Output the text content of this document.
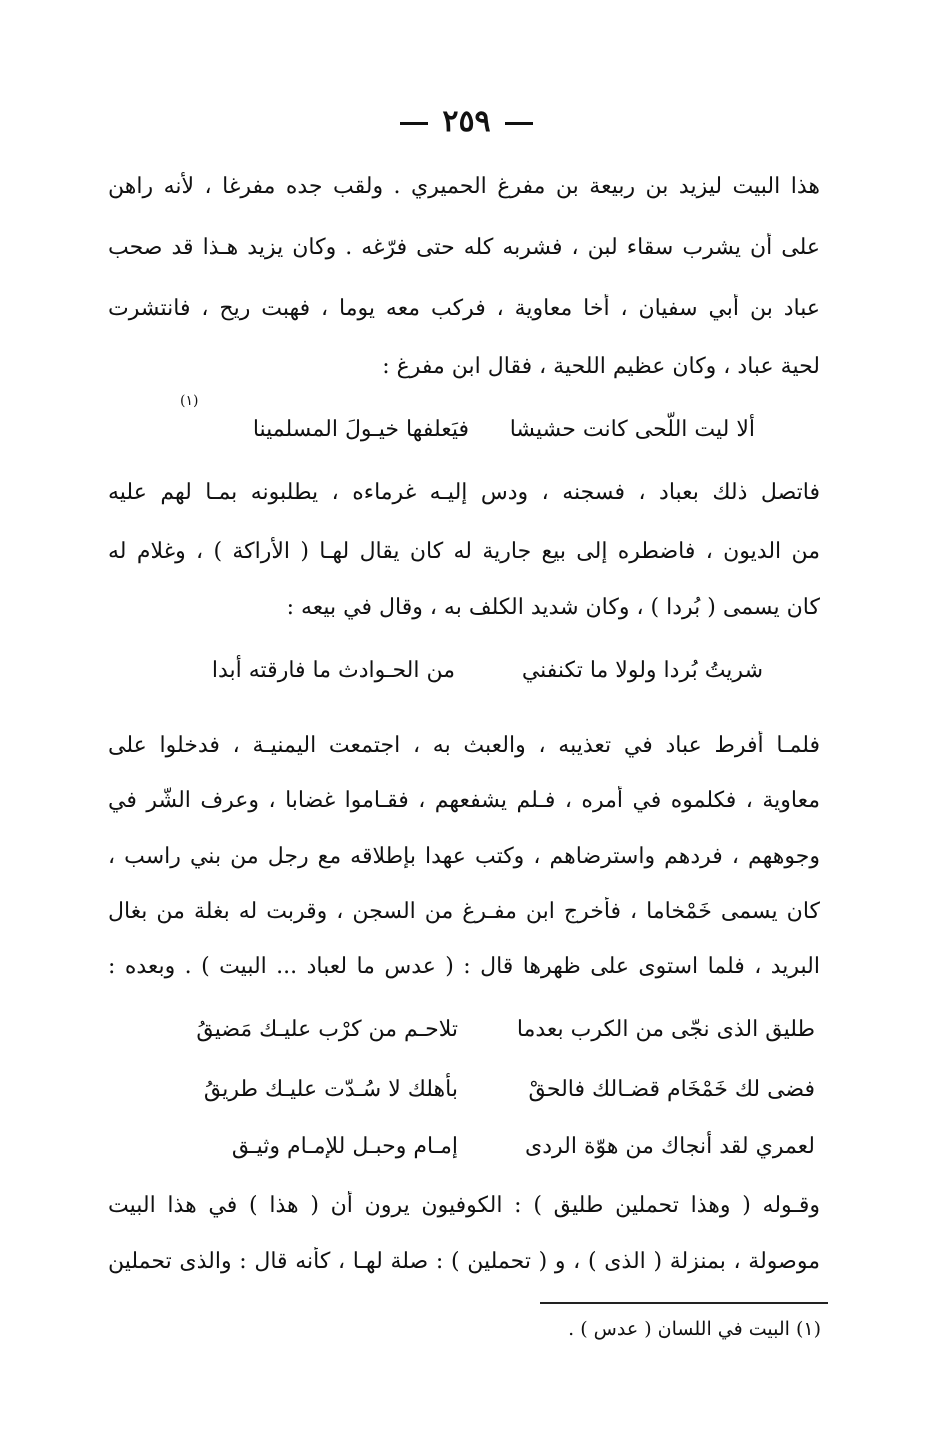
٢٥٩
هذا البيت ليزيد بن ربيعة بن مفرغ الحميري . ولقب جده مفرغا ، لأنه راهن
على أن يشرب سقاء لبن ، فشربه كله حتى فرّغه . وكان يزيد هـذا قد صحب
عباد بن أبي سفيان ، أخا معاوية ، فركب معه يوما ، فهبت ريح ، فانتشرت
لحية عباد ، وكان عظيم اللحية ، فقال ابن مفرغ :
(١)
ألا ليت اللّحى كانت حشيشا
فيَعلفها خيـولَ المسلمينا
فاتصل ذلك بعباد ، فسجنه ، ودس إليـه غرماءه ، يطلبونه بمـا لهم عليه
من الديون ، فاضطره إلى بيع جارية له كان يقال لهـا ( الأراكة ) ، وغلام له
كان يسمى ( بُردا ) ، وكان شديد الكلف به ، وقال في بيعه :
شريتُ بُردا ولولا ما تكنفني
من الحـوادث ما فارقته أبدا
فلمـا أفرط عباد في تعذيبه ، والعبث به ، اجتمعت اليمنيـة ، فدخلوا على
معاوية ، فكلموه في أمره ، فـلم يشفعهم ، فقـاموا غضابا ، وعرف الشّر في
وجوههم ، فردهم واسترضاهم ، وكتب عهدا بإطلاقه مع رجل من بني راسب ،
كان يسمى خَمْخاما ، فأخرج ابن مفـرغ من السجن ، وقربت له بغلة من بغال
البريد ، فلما استوى على ظهرها قال : ( عدس ما لعباد ... البيت ) . وبعده :
طليق الذى نجّى من الكرب بعدما
تلاحـم من كرْب عليـك مَضيقُ
فضى لك خَمْخَام قضـالك فالحقْ
بأهلك لا سُـدّت عليـك طريقُ
لعمري لقد أنجاك من هوّة الردى
إمـام وحبـل للإمـام وثيـق
وقـوله ( وهذا تحملين طليق ) : الكوفيون يرون أن ( هذا ) في هذا البيت
موصولة ، بمنزلة ( الذى ) ، و ( تحملين ) : صلة لهـا ، كأنه قال : والذى تحملين
(١) البيت في اللسان ( عدس ) .
